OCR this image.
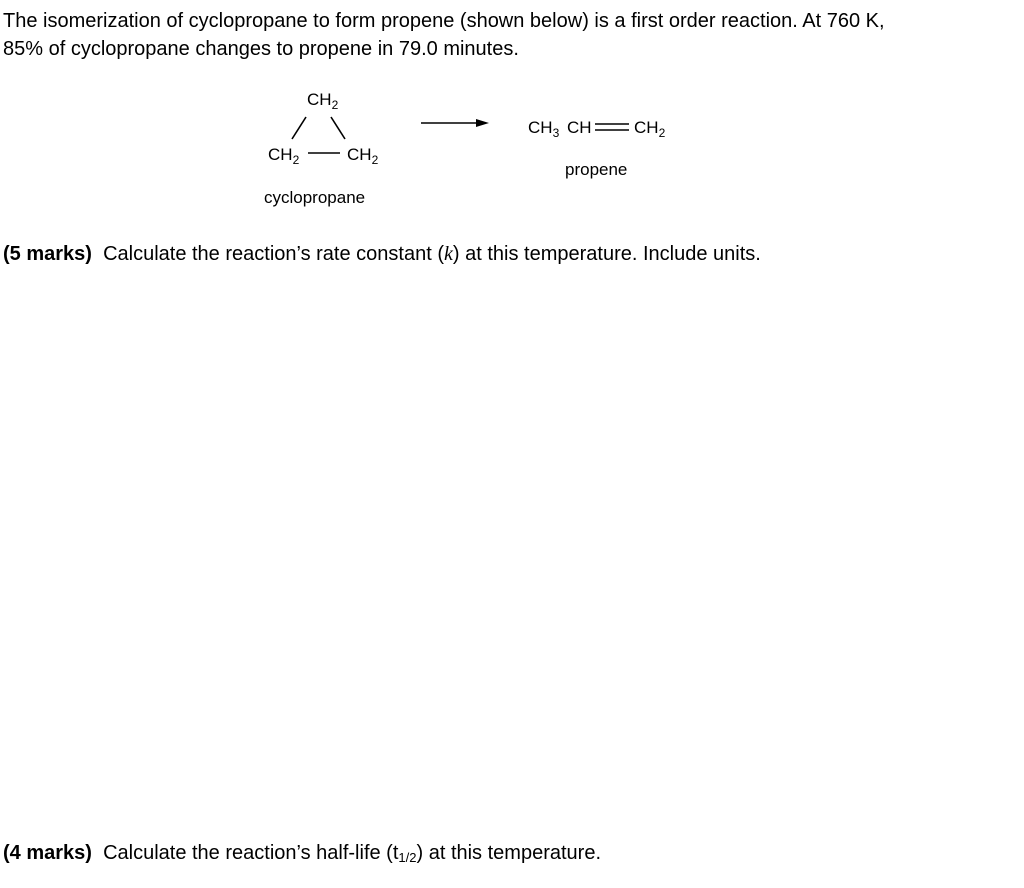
The isomerization of cyclopropane to form propene (shown below) is a first order reaction. At 760 K,
85% of cyclopropane changes to propene in 79.0 minutes.
$CH_2$
$CH_2$	$CH_2$
cyclopropane
$CH_3$ CH $CH_2$
propene

(5 marks) Calculate the reaction’s rate constant (k) at this temperature. Include units.

(4 marks) Calculate the reaction’s half-life $(t_{1/2})$ at this temperature.
